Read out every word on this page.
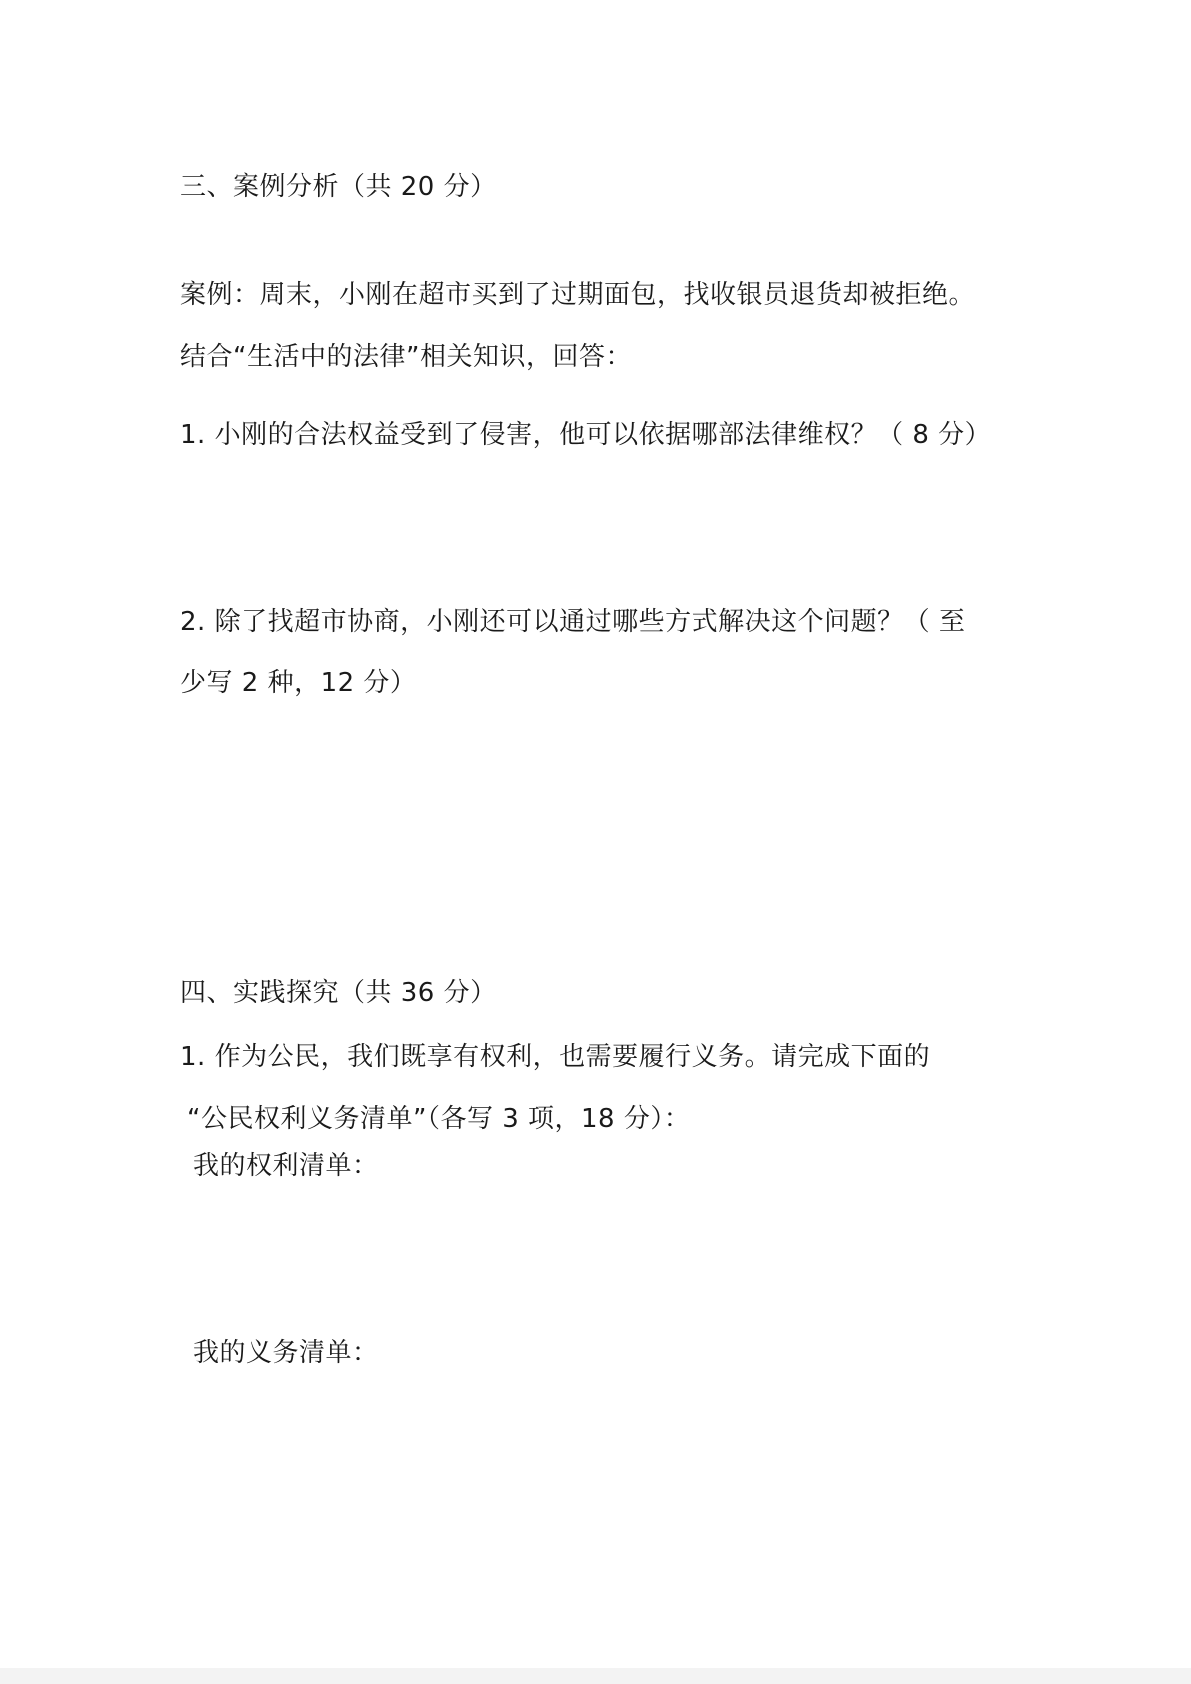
三、案例分析（共 20 分）
案例：周末，小刚在超市买到了过期面包，找收银员退货却被拒绝。
结合“生活中的法律”相关知识，回答：
1. 小刚的合法权益受到了侵害，他可以依据哪部法律维权？（ 8 分）
2. 除了找超市协商，小刚还可以通过哪些方式解决这个问题？（ 至
少写 2 种，12 分）
四、实践探究（共 36 分）
1. 作为公民，我们既享有权利，也需要履行义务。请完成下面的
“公民权利义务清单”（各写 3 项，18 分）：
我的权利清单：
我的义务清单：
